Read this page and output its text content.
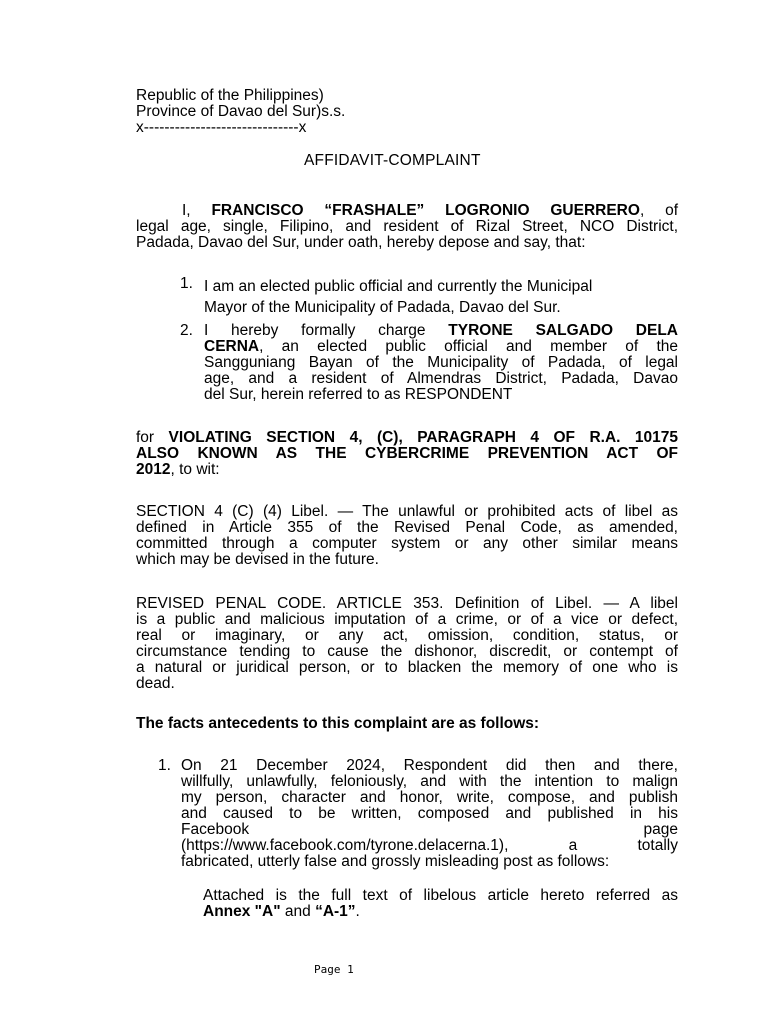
Republic of the Philippines)
Province of Davao del Sur)s.s.
x------------------------------x
AFFIDAVIT-COMPLAINT
I, FRANCISCO “FRASHALE” LOGRONIO GUERRERO, of
legal age, single, Filipino, and resident of Rizal Street, NCO District,
Padada, Davao del Sur, under oath, hereby depose and say, that:
1. I am an elected public official and currently the Municipal
Mayor of the Municipality of Padada, Davao del Sur.
2. I hereby formally charge TYRONE SALGADO DELA
CERNA, an elected public official and member of the
Sangguniang Bayan of the Municipality of Padada, of legal
age, and a resident of Almendras District, Padada, Davao
del Sur, herein referred to as RESPONDENT
for VIOLATING SECTION 4, (C), PARAGRAPH 4 OF R.A. 10175
ALSO KNOWN AS THE CYBERCRIME PREVENTION ACT OF
2012, to wit:
SECTION 4 (C) (4) Libel. — The unlawful or prohibited acts of libel as
defined in Article 355 of the Revised Penal Code, as amended,
committed through a computer system or any other similar means
which may be devised in the future.
REVISED PENAL CODE. ARTICLE 353. Definition of Libel. — A libel
is a public and malicious imputation of a crime, or of a vice or defect,
real or imaginary, or any act, omission, condition, status, or
circumstance tending to cause the dishonor, discredit, or contempt of
a natural or juridical person, or to blacken the memory of one who is
dead.
The facts antecedents to this complaint are as follows:
1. On 21 December 2024, Respondent did then and there,
willfully, unlawfully, feloniously, and with the intention to malign
my person, character and honor, write, compose, and publish
and caused to be written, composed and published in his
Facebook	page
(https://www.facebook.com/tyrone.delacerna.1),	a	totally
fabricated, utterly false and grossly misleading post as follows:
Attached is the full text of libelous article hereto referred as
Annex "A" and “A-1”.
Page 1
